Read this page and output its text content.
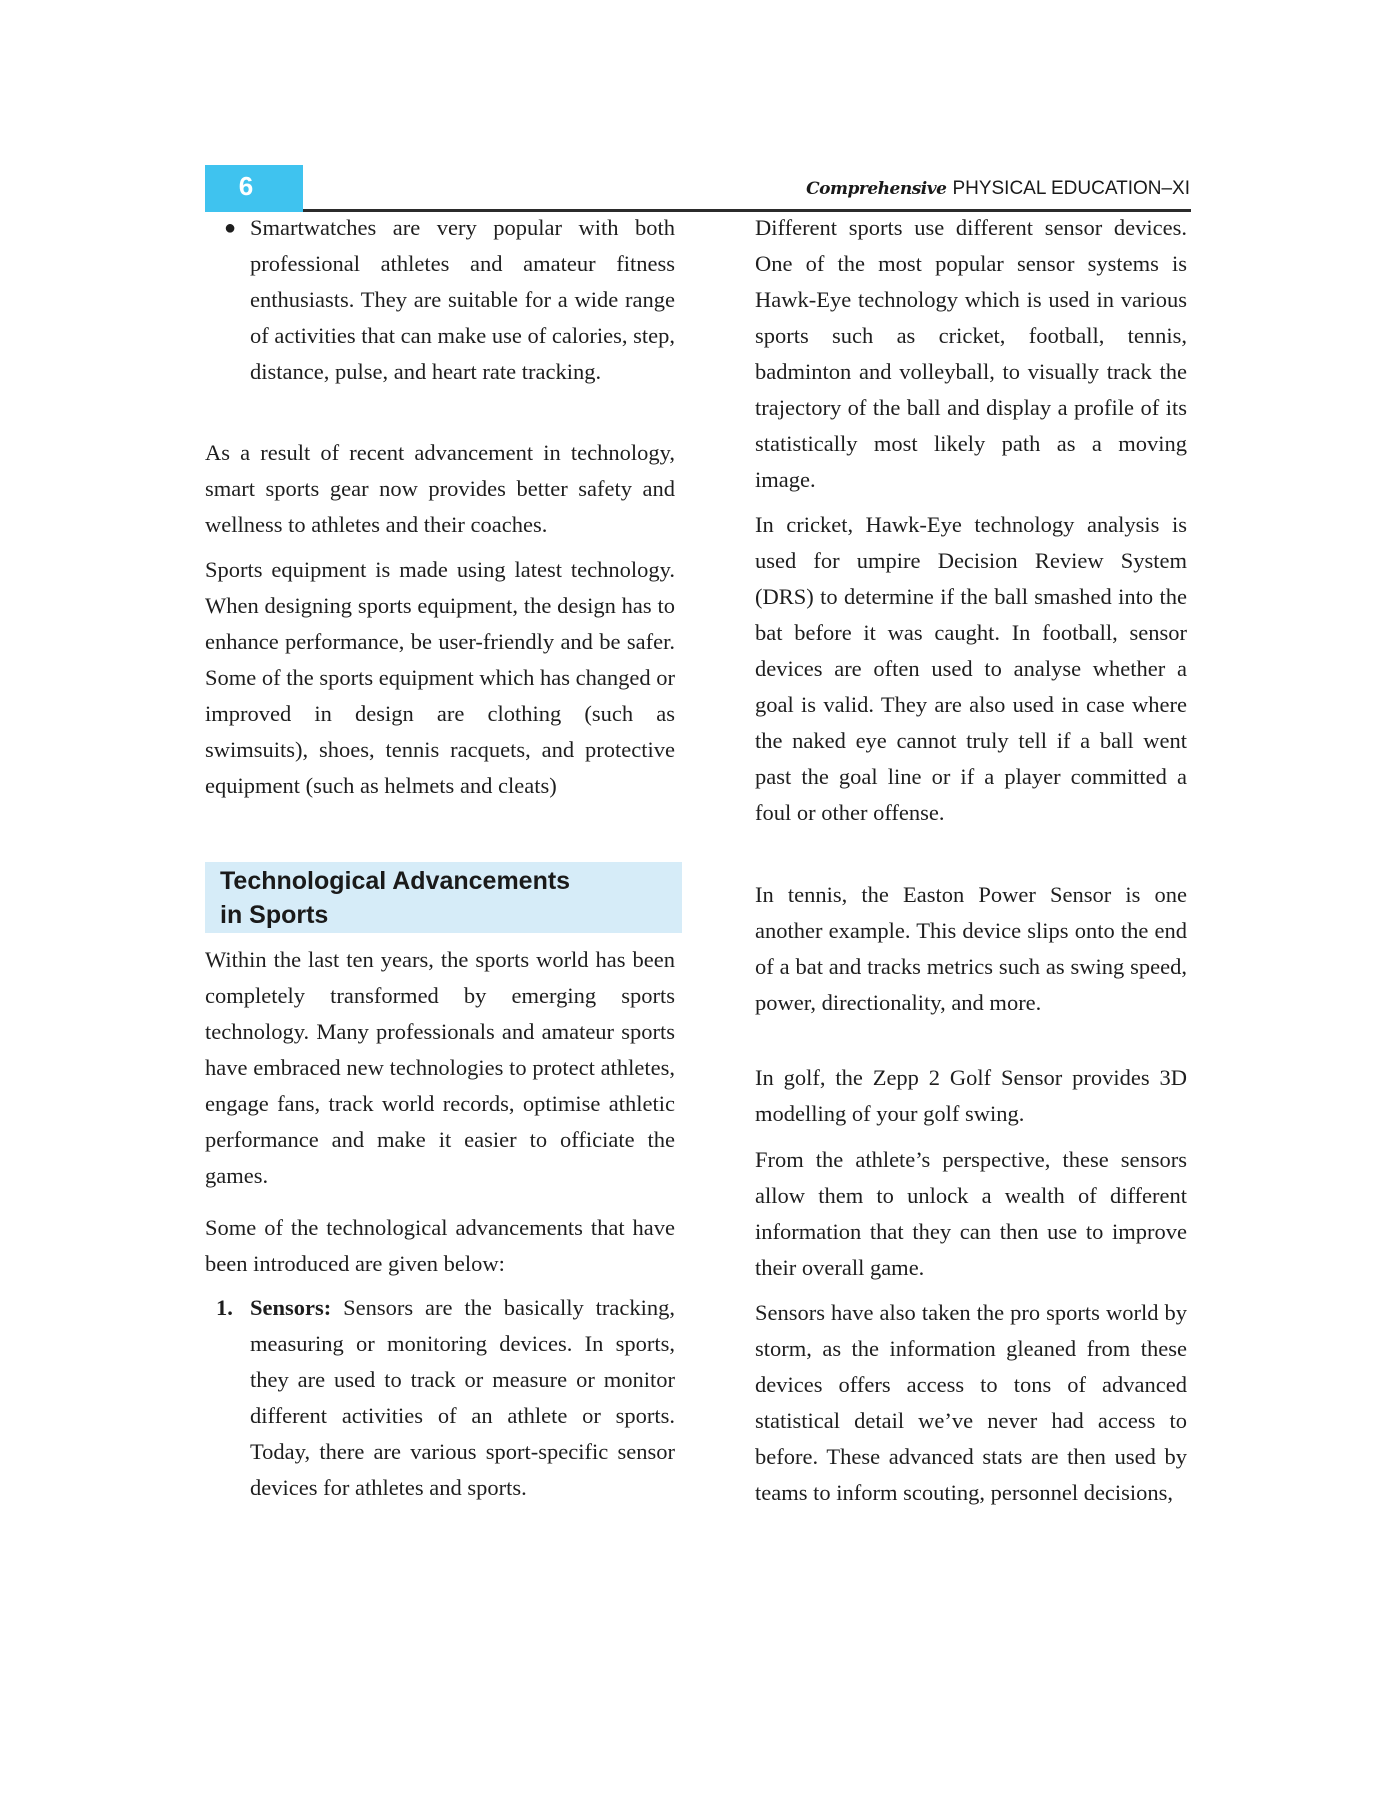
6	Comprehensive PHYSICAL EDUCATION–XI
● Smartwatches are very popular with both professional athletes and amateur fitness enthusiasts. They are suitable for a wide range of activities that can make use of calories, step, distance, pulse, and heart rate tracking.

As a result of recent advancement in technology, smart sports gear now provides better safety and wellness to athletes and their coaches.

Sports equipment is made using latest technology. When designing sports equipment, the design has to enhance performance, be user-friendly and be safer. Some of the sports equipment which has changed or improved in design are clothing (such as swimsuits), shoes, tennis racquets, and protective equipment (such as helmets and cleats)

Technological Advancements
in Sports

Within the last ten years, the sports world has been completely transformed by emerging sports technology. Many professionals and amateur sports have embraced new technologies to protect athletes, engage fans, track world records, optimise athletic performance and make it easier to officiate the games.

Some of the technological advancements that have been introduced are given below:

1. Sensors: Sensors are the basically tracking, measuring or monitoring devices. In sports, they are used to track or measure or monitor different activities of an athlete or sports. Today, there are various sport-specific sensor devices for athletes and sports.

Different sports use different sensor devices. One of the most popular sensor systems is Hawk-Eye technology which is used in various sports such as cricket, football, tennis, badminton and volleyball, to visually track the trajectory of the ball and display a profile of its statistically most likely path as a moving image.

In cricket, Hawk-Eye technology analysis is used for umpire Decision Review System (DRS) to determine if the ball smashed into the bat before it was caught. In football, sensor devices are often used to analyse whether a goal is valid. They are also used in case where the naked eye cannot truly tell if a ball went past the goal line or if a player committed a foul or other offense.

In tennis, the Easton Power Sensor is one another example. This device slips onto the end of a bat and tracks metrics such as swing speed, power, directionality, and more.

In golf, the Zepp 2 Golf Sensor provides 3D modelling of your golf swing.

From the athlete’s perspective, these sensors allow them to unlock a wealth of different information that they can then use to improve their overall game.

Sensors have also taken the pro sports world by storm, as the information gleaned from these devices offers access to tons of advanced statistical detail we’ve never had access to before. These advanced stats are then used by teams to inform scouting, personnel decisions,
